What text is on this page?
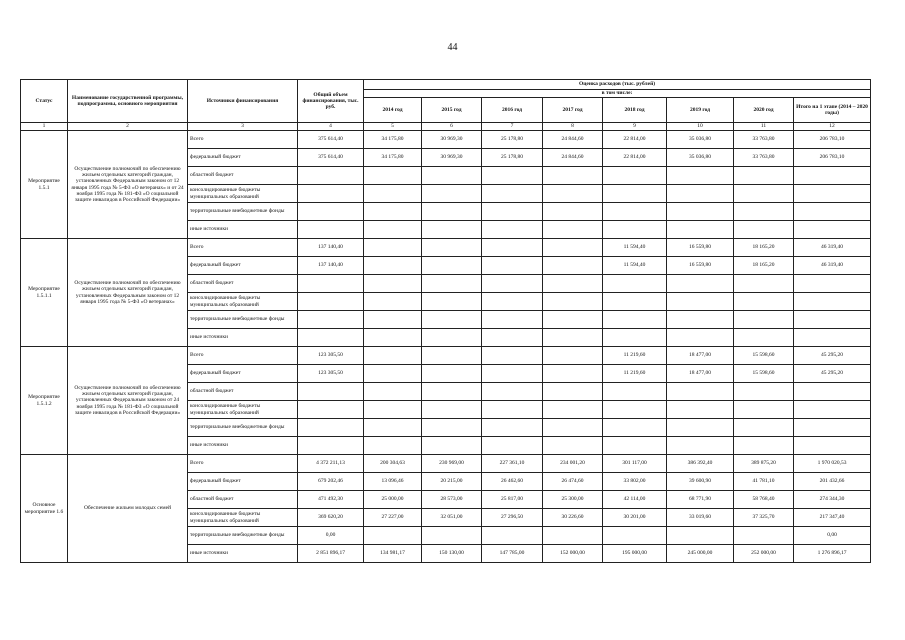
44
Статус	Наименование государственной программы, подпрограммы, основного мероприятия	Источники финансирования	Общий объем финансирования, тыс. руб.	Оценка расходов (тыс. рублей)							
				в том числе:							
				2014 год	2015 год	2016 год	2017 год	2018 год	2019 год	2020 год	Итого на 1 этапе (2014 – 2020 годы)
1	2	3	4	5	6	7	8	9	10	11	12
Мероприятие 1.5.1	Осуществление полномочий по обеспечению жильем отдельных категорий граждан, установленных Федеральным законом от 12 января 1995 года № 5-ФЗ «О ветеранах» и от 24 ноября 1995 года № 181-ФЗ «О социальной защите инвалидов в Российской Федерации»	Всего	375 614,40	34 175,80	30 969,30	25 178,80	24 844,60	22 814,00	35 036,80	33 763,80	206 783,10
		федеральный бюджет	375 614,40	34 175,80	30 969,30	25 178,80	24 844,60	22 814,00	35 036,80	33 763,80	206 783,10
		областной бюджет									
		консолидированные бюджеты муниципальных образований									
		территориальные внебюджетные фонды									
		иные источники									
Мероприятие 1.5.1.1	Осуществление полномочий по обеспечению жильем отдельных категорий граждан, установленных Федеральным законом от 12 января 1995 года № 5-ФЗ «О ветеранах»	Всего	137 140,40					11 594,40	16 559,80	18 165,20	46 319,40
		федеральный бюджет	137 140,40					11 594,40	16 559,80	18 165,20	46 319,40
		областной бюджет									
		консолидированные бюджеты муниципальных образований									
		территориальные внебюджетные фонды									
		иные источники									
Мероприятие 1.5.1.2	Осуществление полномочий по обеспечению жильем отдельных категорий граждан, установленных Федеральным законом от 24 ноября 1995 года № 181-ФЗ «О социальной защите инвалидов в Российской Федерации»	Всего	123 305,50					11 219,60	18 477,00	15 598,60	45 295,20
		федеральный бюджет	123 305,50					11 219,60	18 477,00	15 598,60	45 295,20
		областной бюджет									
		консолидированные бюджеты муниципальных образований									
		территориальные внебюджетные фонды									
		иные источники									
Основное мероприятие 1.6	Обеспечение жильем молодых семей	Всего	4 372 211,13	200 304,63	230 969,00	227 361,10	234 001,20	301 117,00	386 392,40	389 875,20	1 970 020,53
		федеральный бюджет	679 202,46	13 096,46	20 215,00	26 462,60	26 474,60	33 802,00	39 600,90	41 781,10	201 432,66
		областной бюджет	471 492,30	25 000,00	28 573,00	25 817,00	25 300,00	42 114,00	68 771,90	58 768,40	274 344,30
		консолидированные бюджеты муниципальных образований	369 620,20	27 227,00	32 051,00	27 296,50	30 226,60	30 201,00	33 019,60	37 325,70	217 347,40
		территориальные внебюджетные фонды	0,00								0,00
		иные источники	2 851 896,17	134 981,17	150 130,00	147 785,00	152 000,00	195 000,00	245 000,00	252 000,00	1 276 896,17
